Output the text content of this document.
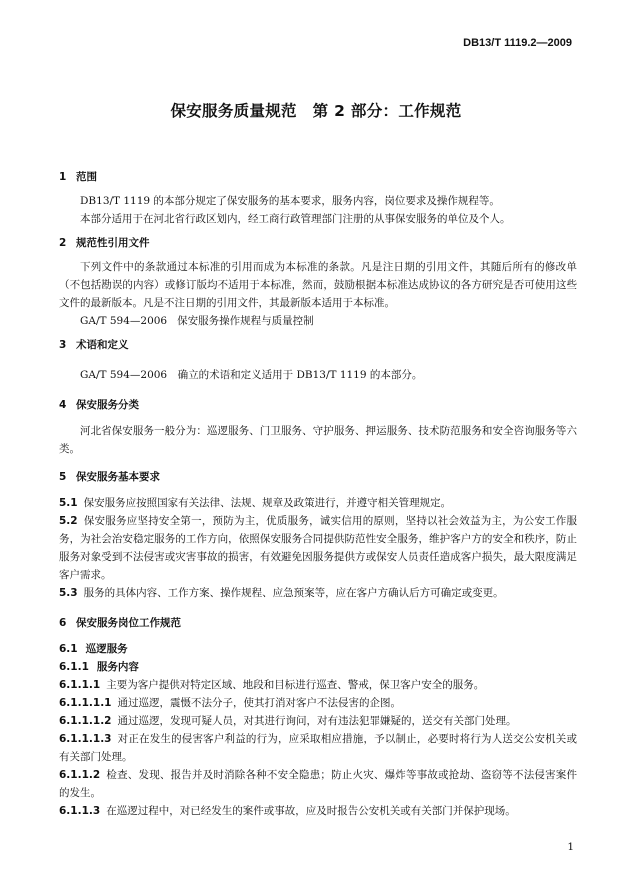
DB13/T 1119.2—2009
保安服务质量规范　第 2 部分：工作规范
1 范围
DB13/T 1119 的本部分规定了保安服务的基本要求，服务内容，岗位要求及操作规程等。
本部分适用于在河北省行政区划内，经工商行政管理部门注册的从事保安服务的单位及个人。
2 规范性引用文件
下列文件中的条款通过本标准的引用而成为本标准的条款。凡是注日期的引用文件，其随后所有的修改单（不包括勘误的内容）或修订版均不适用于本标准，然而，鼓励根据本标准达成协议的各方研究是否可使用这些文件的最新版本。凡是不注日期的引用文件，其最新版本适用于本标准。
GA/T 594—2006 保安服务操作规程与质量控制
3 术语和定义
GA/T 594—2006　确立的术语和定义适用于 DB13/T 1119 的本部分。
4 保安服务分类
河北省保安服务一般分为：巡逻服务、门卫服务、守护服务、押运服务、技术防范服务和安全咨询服务等六类。
5 保安服务基本要求
5.1 保安服务应按照国家有关法律、法规、规章及政策进行，并遵守相关管理规定。
5.2 保安服务应坚持安全第一，预防为主，优质服务，诚实信用的原则，坚持以社会效益为主，为公安工作服务，为社会治安稳定服务的工作方向，依照保安服务合同提供防范性安全服务，维护客户方的安全和秩序，防止服务对象受到不法侵害或灾害事故的损害，有效避免因服务提供方或保安人员责任造成客户损失，最大限度满足客户需求。
5.3 服务的具体内容、工作方案、操作规程、应急预案等，应在客户方确认后方可确定或变更。
6 保安服务岗位工作规范
6.1 巡逻服务
6.1.1 服务内容
6.1.1.1 主要为客户提供对特定区域、地段和目标进行巡查、警戒，保卫客户安全的服务。
6.1.1.1.1 通过巡逻，震慑不法分子，使其打消对客户不法侵害的企图。
6.1.1.1.2 通过巡逻，发现可疑人员，对其进行询问，对有违法犯罪嫌疑的，送交有关部门处理。
6.1.1.1.3 对正在发生的侵害客户利益的行为，应采取相应措施，予以制止，必要时将行为人送交公安机关或有关部门处理。
6.1.1.2 检查、发现、报告并及时消除各种不安全隐患；防止火灾、爆炸等事故或抢劫、盗窃等不法侵害案件的发生。
6.1.1.3 在巡逻过程中，对已经发生的案件或事故，应及时报告公安机关或有关部门并保护现场。
1
